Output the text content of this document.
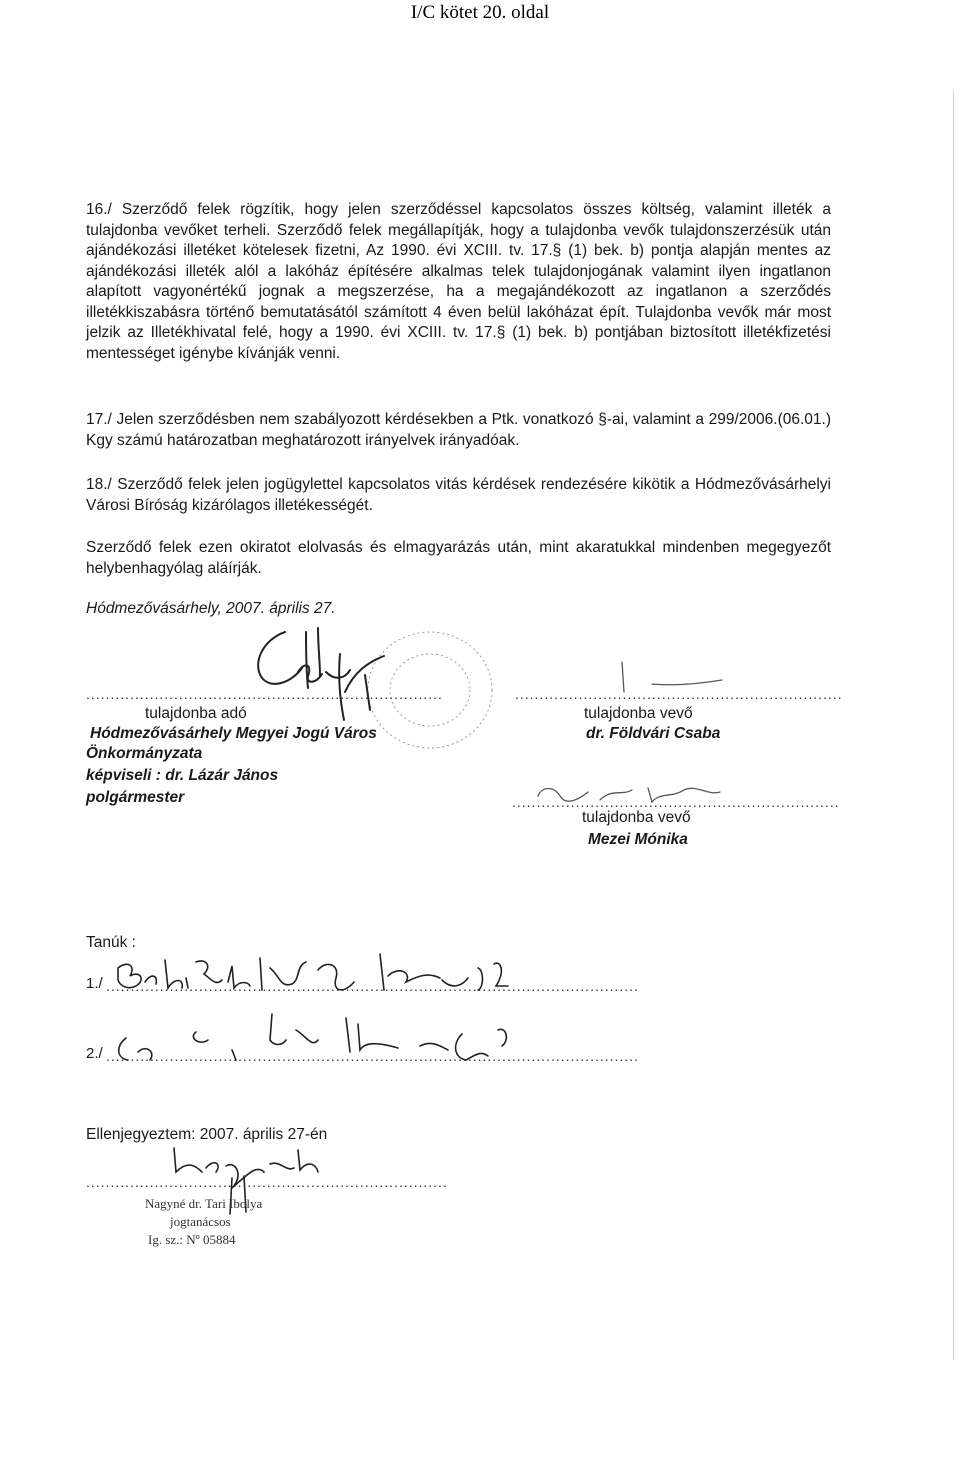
I/C kötet 20. oldal

16./ Szerződő felek rögzítik, hogy jelen szerződéssel kapcsolatos összes költség, valamint illeték a tulajdonba vevőket terheli. Szerződő felek megállapítják, hogy a tulajdonba vevők tulajdonszerzésük után ajándékozási illetéket kötelesek fizetni, Az 1990. évi XCIII. tv. 17.§ (1) bek. b) pontja alapján mentes az ajándékozási illeték alól a lakóház építésére alkalmas telek tulajdonjogának valamint ilyen ingatlanon alapított vagyonértékű jognak a megszerzése, ha a megajándékozott az ingatlanon a szerződés illetékkiszabásra történő bemutatásától számított 4 éven belül lakóházat épít. Tulajdonba vevők már most jelzik az Illetékhivatal felé, hogy a 1990. évi XCIII. tv. 17.§ (1) bek. b) pontjában biztosított illetékfizetési mentességet igénybe kívánják venni.

17./ Jelen szerződésben nem szabályozott kérdésekben a Ptk. vonatkozó §-ai, valamint a 299/2006.(06.01.) Kgy számú határozatban meghatározott irányelvek irányadóak.

18./ Szerződő felek jelen jogügylettel kapcsolatos vitás kérdések rendezésére kikötik a Hódmezővásárhelyi Városi Bíróság kizárólagos illetékességét.

Szerződő felek ezen okiratot elolvasás és elmagyarázás után, mint akaratukkal mindenben megegyezőt helybenhagyólag aláírják.

Hódmezővásárhely, 2007. április 27.
.........................................................................
tulajdonba adó
Hódmezővásárhely Megyei Jogú Város
Önkormányzata
képviseli : dr. Lázár János
polgármester
...................................................................
tulajdonba vevő
dr. Földvári Csaba
...................................................................
tulajdonba vevő
Mezei Mónika
Tanúk :
1./ .............................................................................................................
2./ .............................................................................................................
Ellenjegyeztem: 2007. április 27-én
..........................................................................
Nagyné dr. Tari Ibolya
jogtanácsos
Ig. sz.: Nº 05884
